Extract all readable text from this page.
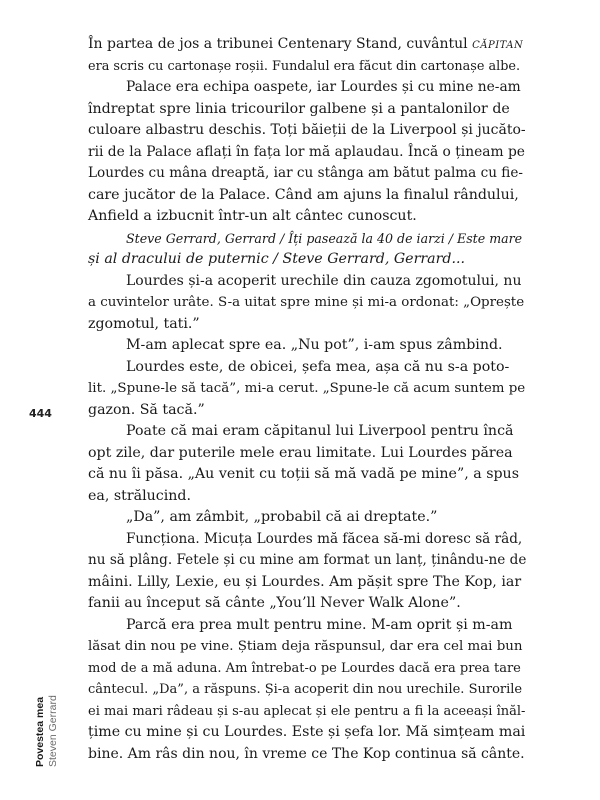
În partea de jos a tribunei Centenary Stand, cuvântul căpitan
era scris cu cartonașe roșii. Fundalul era făcut din cartonașe albe.
Palace era echipa oaspete, iar Lourdes și cu mine ne-am
îndreptat spre linia tricourilor galbene și a pantalonilor de
culoare albastru deschis. Toți băieții de la Liverpool și jucăto-
rii de la Palace aflați în fața lor mă aplaudau. Încă o țineam pe
Lourdes cu mâna dreaptă, iar cu stânga am bătut palma cu fie-
care jucător de la Palace. Când am ajuns la finalul rândului,
Anfield a izbucnit într-un alt cântec cunoscut.
Steve Gerrard, Gerrard / Îți pasează la 40 de iarzi / Este mare
și al dracului de puternic / Steve Gerrard, Gerrard...
Lourdes și-a acoperit urechile din cauza zgomotului, nu
a cuvintelor urâte. S-a uitat spre mine și mi-a ordonat: „Oprește
zgomotul, tati.”
M-am aplecat spre ea. „Nu pot”, i-am spus zâmbind.
Lourdes este, de obicei, șefa mea, așa că nu s-a poto-
lit. „Spune-le să tacă”, mi-a cerut. „Spune-le că acum suntem pe
gazon. Să tacă.”
Poate că mai eram căpitanul lui Liverpool pentru încă
opt zile, dar puterile mele erau limitate. Lui Lourdes părea
că nu îi păsa. „Au venit cu toții să mă vadă pe mine”, a spus
ea, strălucind.
„Da”, am zâmbit, „probabil că ai dreptate.”
Funcționa. Micuța Lourdes mă făcea să-mi doresc să râd,
nu să plâng. Fetele și cu mine am format un lanț, ținându-ne de
mâini. Lilly, Lexie, eu și Lourdes. Am pășit spre The Kop, iar
fanii au început să cânte „You’ll Never Walk Alone”.
Parcă era prea mult pentru mine. M-am oprit și m-am
lăsat din nou pe vine. Știam deja răspunsul, dar era cel mai bun
mod de a mă aduna. Am întrebat-o pe Lourdes dacă era prea tare
cântecul. „Da”, a răspuns. Și-a acoperit din nou urechile. Surorile
ei mai mari râdeau și s-au aplecat și ele pentru a fi la aceeași înăl-
țime cu mine și cu Lourdes. Este și șefa lor. Mă simțeam mai
bine. Am râs din nou, în vreme ce The Kop continua să cânte.
444
Povestea mea Steven Gerrard
